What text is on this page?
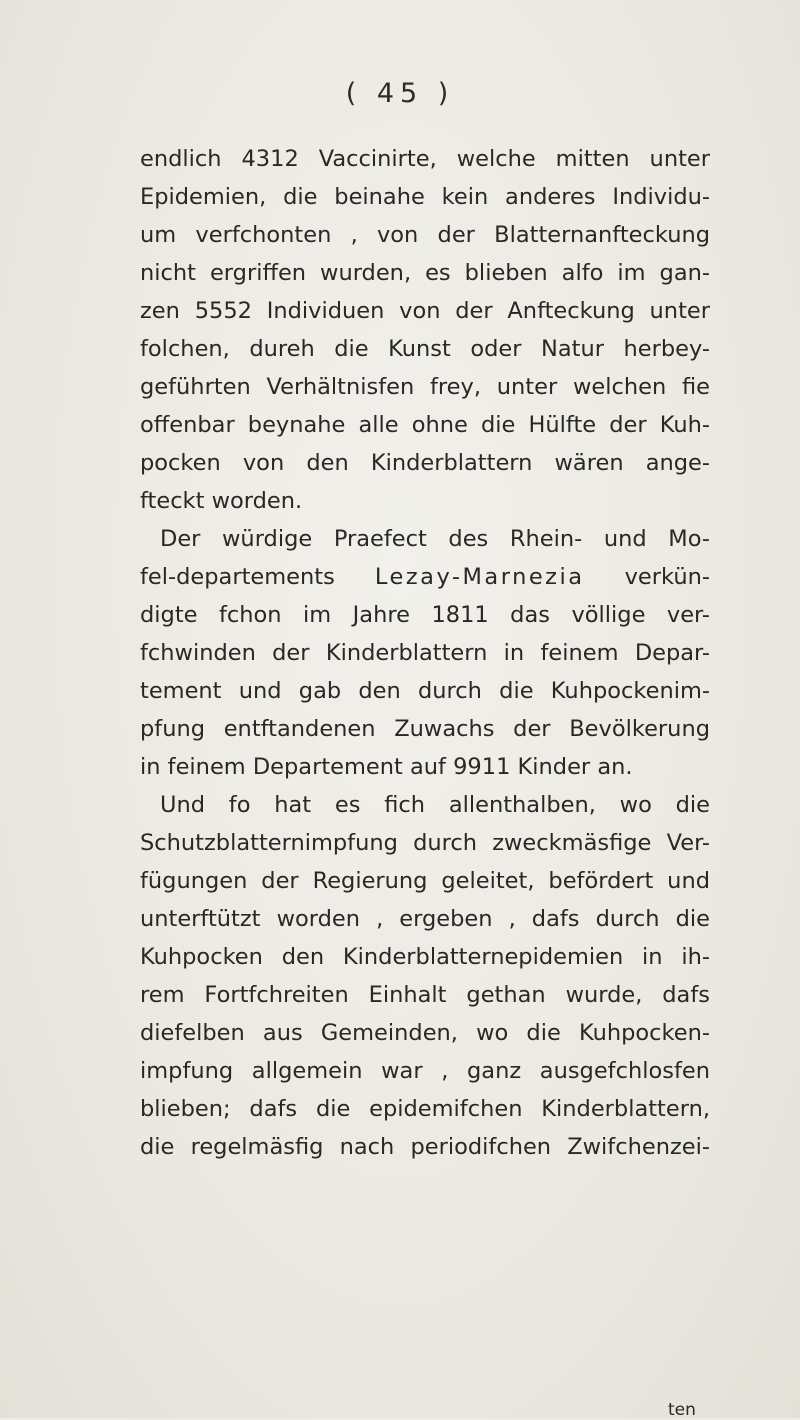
( 45 )
endlich 4312 Vaccinirte, welche mitten unter
Epidemien, die beinahe kein anderes Individu-
um verfchonten , von der Blatternanfteckung
nicht ergriffen wurden, es blieben alfo im gan-
zen 5552 Individuen von der Anfteckung unter
folchen, dureh die Kunst oder Natur herbey-
geführten Verhältnisfen frey, unter welchen fie
offenbar beynahe alle ohne die Hülfte der Kuh-
pocken von den Kinderblattern wären ange-
fteckt worden.
Der würdige Praefect des Rhein- und Mo-
fel-departements Lezay-Marnezia verkün-
digte fchon im Jahre 1811 das völlige ver-
fchwinden der Kinderblattern in feinem Depar-
tement und gab den durch die Kuhpockenim-
pfung entftandenen Zuwachs der Bevölkerung
in feinem Departement auf 9911 Kinder an.
Und fo hat es fich allenthalben, wo die
Schutzblatternimpfung durch zweckmäsfige Ver-
fügungen der Regierung geleitet, befördert und
unterftützt worden , ergeben , dafs durch die
Kuhpocken den Kinderblatternepidemien in ih-
rem Fortfchreiten Einhalt gethan wurde, dafs
diefelben aus Gemeinden, wo die Kuhpocken-
impfung allgemein war , ganz ausgefchlosfen
blieben; dafs die epidemifchen Kinderblattern,
die regelmäsfig nach periodifchen Zwifchenzei-
ten
